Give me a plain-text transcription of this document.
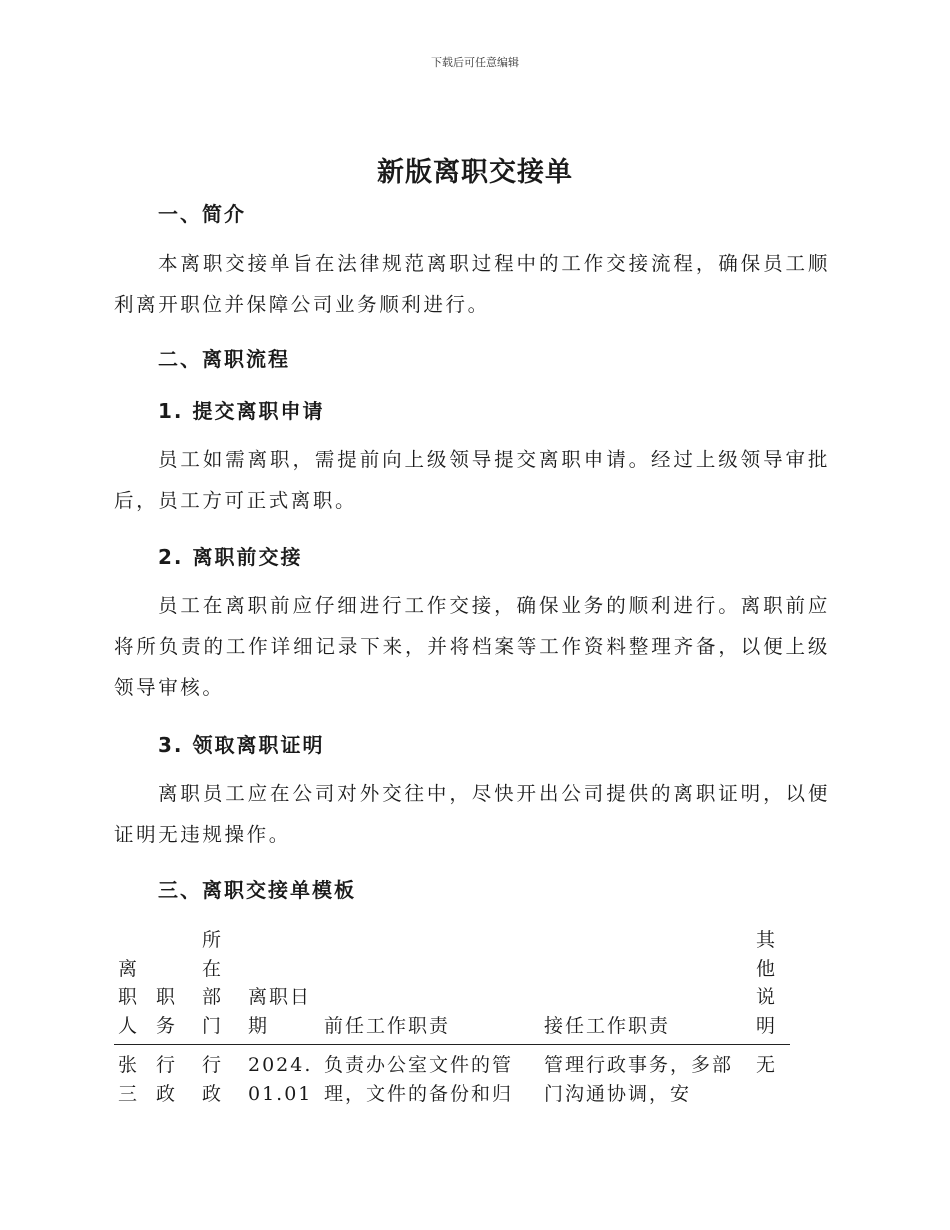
下载后可任意编辑
新版离职交接单
一、简介
本离职交接单旨在法律规范离职过程中的工作交接流程，确保员工顺利离开职位并保障公司业务顺利进行。
二、离职流程
1. 提交离职申请
员工如需离职，需提前向上级领导提交离职申请。经过上级领导审批后，员工方可正式离职。
2. 离职前交接
员工在离职前应仔细进行工作交接，确保业务的顺利进行。离职前应将所负责的工作详细记录下来，并将档案等工作资料整理齐备，以便上级领导审核。
3. 领取离职证明
离职员工应在公司对外交往中，尽快开出公司提供的离职证明，以便证明无违规操作。
三、离职交接单模板
离职人	职务	所在部门	离职日期	前任工作职责	接任工作职责	其他说明
张三	行政	行政	2024.01.01	负责办公室文件的管理，文件的备份和归	管理行政事务，多部门沟通协调，安	无
